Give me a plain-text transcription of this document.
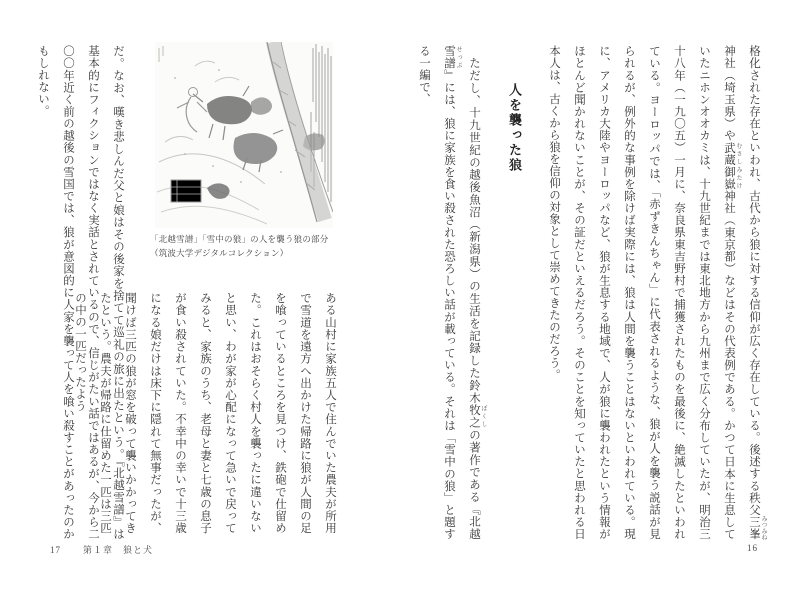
格化された存在といわれ、古代から狼に対する信仰が広く存在している。後述する秩父三峯 みつみね神社（埼玉県）や武蔵 むさし御嶽 みたけ神社（東京都）などはその代表例である。かつて日本に生息していたニホンオオカミは、十九世紀までは東北地方から九州まで広く分布していたが、明治三十八年（一九〇五）一月に、奈良県東吉野村で捕獲されたものを最後に、絶滅したといわれている。ヨーロッパでは、「赤ずきんちゃん」に代表されるような、狼が人を襲う説話が見られるが、例外的な事例を除けば実際には、狼は人間を襲うことはないといわれている。現に、アメリカ大陸やヨーロッパなど、狼が生息する地域で、人が狼に襲われたという情報がほとんど聞かれないことが、その証だといえるだろう。そのことを知っていたと思われる日本人は、古くから狼を信仰の対象として崇めてきたのだろう。

人を襲った狼

ただし、十九世紀の越後魚沼（新潟県）の生活を記録した鈴木牧之 ぼくしの著作である『北越雪譜 せっぷ』には、狼に家族を食い殺された恐ろしい話が載っている。それは「雪中の狼」と題する一編で、

「北越雪譜」「雪中の狼」の人を襲う狼の部分（筑波大学デジタルコレクション）

ある山村に家族五人で住んでいた農夫が所用で雪道を遠方へ出かけた帰路に狼が人間の足を喰っているところを見つけ、鉄砲で仕留めた。これはおそらく村人を襲ったに違いないと思い、わが家が心配になって急いで戻ってみると、家族のうち、老母と妻と七歳の息子が食い殺されていた。不幸中の幸いで十三歳になる娘だけは床下に隠れて無事だったが、聞けば三匹の狼が窓を破って襲いかかってきたという。農夫が帰路に仕留めた一匹は三匹の中の一匹だったよう	だ。なお、嘆き悲しんだ父と娘はその後家を捨てて巡礼の旅に出たという。『北越雪譜』は基本的にフィクションではなく実話とされているので、信じがたい話ではあるが、今から二〇〇年近く前の越後の雪国では、狼が意図的に人家を襲って人を喰い殺すことがあったのかもしれない。

17 第１章　狼と犬	16
